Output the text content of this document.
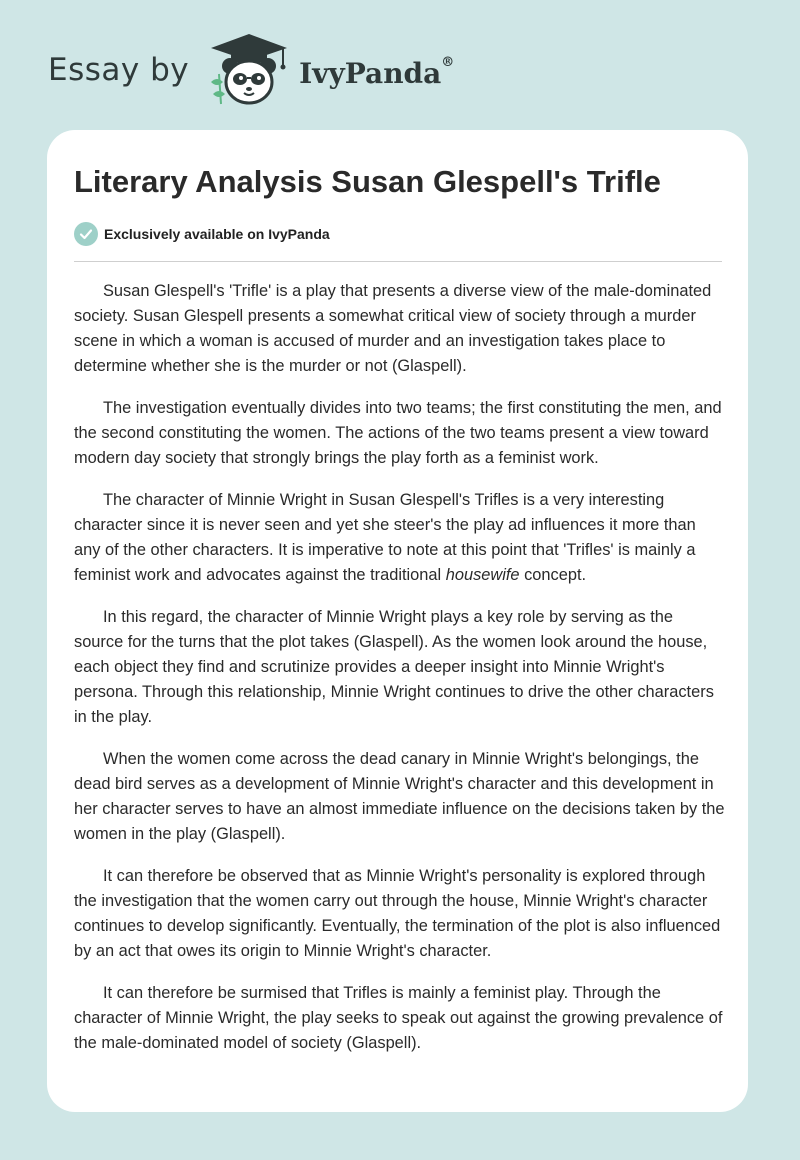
Essay by	IvyPanda®
Literary Analysis Susan Glespell's Trifle
Exclusively available on IvyPanda

Susan Glespell's 'Trifle' is a play that presents a diverse view of the male-dominated society. Susan Glespell presents a somewhat critical view of society through a murder scene in which a woman is accused of murder and an investigation takes place to determine whether she is the murder or not (Glaspell).

The investigation eventually divides into two teams; the first constituting the men, and the second constituting the women. The actions of the two teams present a view toward modern day society that strongly brings the play forth as a feminist work.

The character of Minnie Wright in Susan Glespell's Trifles is a very interesting character since it is never seen and yet she steer's the play ad influences it more than any of the other characters. It is imperative to note at this point that 'Trifles' is mainly a feminist work and advocates against the traditional housewife concept.

In this regard, the character of Minnie Wright plays a key role by serving as the source for the turns that the plot takes (Glaspell). As the women look around the house, each object they find and scrutinize provides a deeper insight into Minnie Wright's persona. Through this relationship, Minnie Wright continues to drive the other characters in the play.

When the women come across the dead canary in Minnie Wright's belongings, the dead bird serves as a development of Minnie Wright's character and this development in her character serves to have an almost immediate influence on the decisions taken by the women in the play (Glaspell).

It can therefore be observed that as Minnie Wright's personality is explored through the investigation that the women carry out through the house, Minnie Wright's character continues to develop significantly. Eventually, the termination of the plot is also influenced by an act that owes its origin to Minnie Wright's character.

It can therefore be surmised that Trifles is mainly a feminist play. Through the character of Minnie Wright, the play seeks to speak out against the growing prevalence of the male-dominated model of society (Glaspell).
